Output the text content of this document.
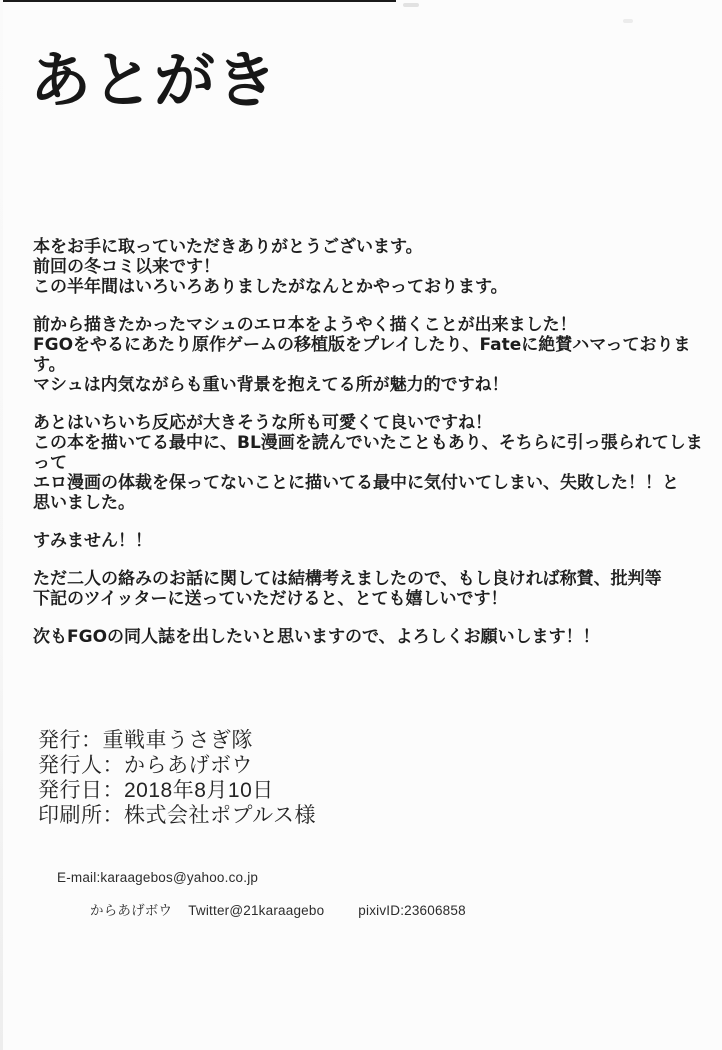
あとがき

本をお手に取っていただきありがとうございます。
前回の冬コミ以来です！
この半年間はいろいろありましたがなんとかやっております。

前から描きたかったマシュのエロ本をようやく描くことが出来ました！
FGOをやるにあたり原作ゲームの移植版をプレイしたり、Fateに絶賛ハマっております。
マシュは内気ながらも重い背景を抱えてる所が魅力的ですね！

あとはいちいち反応が大きそうな所も可愛くて良いですね！
この本を描いてる最中に、BL漫画を読んでいたこともあり、そちらに引っ張られてしまって
エロ漫画の体裁を保ってないことに描いてる最中に気付いてしまい、失敗した！！と
思いました。

すみません！！

ただ二人の絡みのお話に関しては結構考えましたので、もし良ければ称賛、批判等
下記のツイッターに送っていただけると、とても嬉しいです！

次もFGOの同人誌を出したいと思いますので、よろしくお願いします！！

発行：重戦車うさぎ隊
発行人：からあげボウ
発行日：2018年8月10日
印刷所：株式会社ポプルス様
E-mail:karaagebos@yahoo.co.jp
からあげボウ Twitter@21karaagebo	pixivID:23606858
